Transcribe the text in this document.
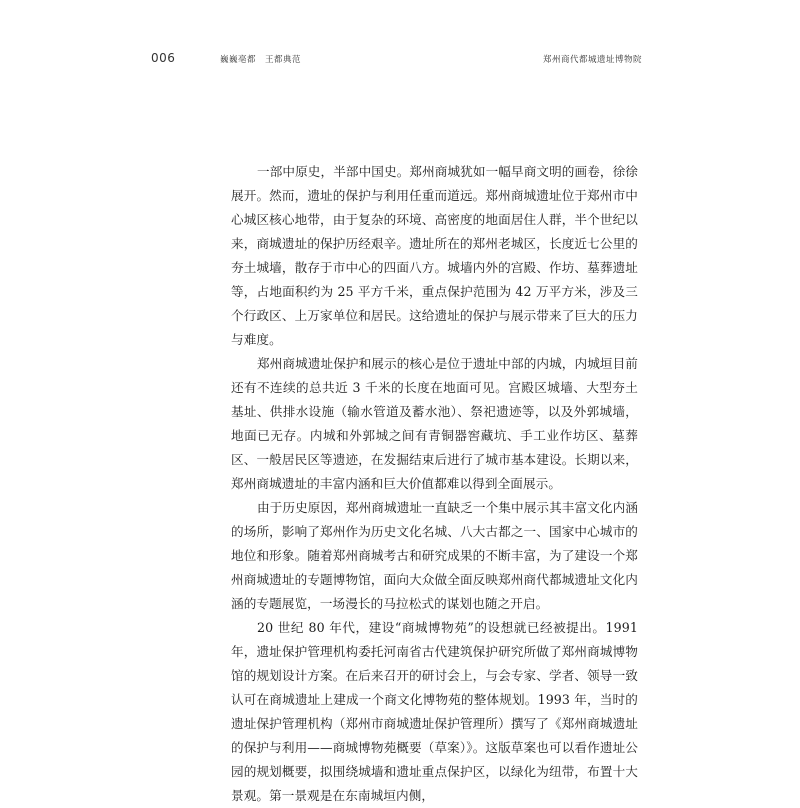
006	巍巍亳都　王都典范	郑州商代都城遗址博物院

一部中原史，半部中国史。郑州商城犹如一幅早商文明的画卷，徐徐展开。然而，遗址的保护与利用任重而道远。郑州商城遗址位于郑州市中心城区核心地带，由于复杂的环境、高密度的地面居住人群，半个世纪以来，商城遗址的保护历经艰辛。遗址所在的郑州老城区，长度近七公里的夯土城墙，散存于市中心的四面八方。城墙内外的宫殿、作坊、墓葬遗址等，占地面积约为 25 平方千米，重点保护范围为 42 万平方米，涉及三个行政区、上万家单位和居民。这给遗址的保护与展示带来了巨大的压力与难度。

郑州商城遗址保护和展示的核心是位于遗址中部的内城，内城垣目前还有不连续的总共近 3 千米的长度在地面可见。宫殿区城墙、大型夯土基址、供排水设施（输水管道及蓄水池）、祭祀遗迹等，以及外郭城墙，地面已无存。内城和外郭城之间有青铜器窖藏坑、手工业作坊区、墓葬区、一般居民区等遗迹，在发掘结束后进行了城市基本建设。长期以来，郑州商城遗址的丰富内涵和巨大价值都难以得到全面展示。

由于历史原因，郑州商城遗址一直缺乏一个集中展示其丰富文化内涵的场所，影响了郑州作为历史文化名城、八大古都之一、国家中心城市的地位和形象。随着郑州商城考古和研究成果的不断丰富，为了建设一个郑州商城遗址的专题博物馆，面向大众做全面反映郑州商代都城遗址文化内涵的专题展览，一场漫长的马拉松式的谋划也随之开启。

20 世纪 80 年代，建设“商城博物苑”的设想就已经被提出。1991 年，遗址保护管理机构委托河南省古代建筑保护研究所做了郑州商城博物馆的规划设计方案。在后来召开的研讨会上，与会专家、学者、领导一致认可在商城遗址上建成一个商文化博物苑的整体规划。1993 年，当时的遗址保护管理机构（郑州市商城遗址保护管理所）撰写了《郑州商城遗址的保护与利用——商城博物苑概要（草案）》。这版草案也可以看作遗址公园的规划概要，拟围绕城墙和遗址重点保护区，以绿化为纽带，布置十大景观。第一景观是在东南城垣内侧，
